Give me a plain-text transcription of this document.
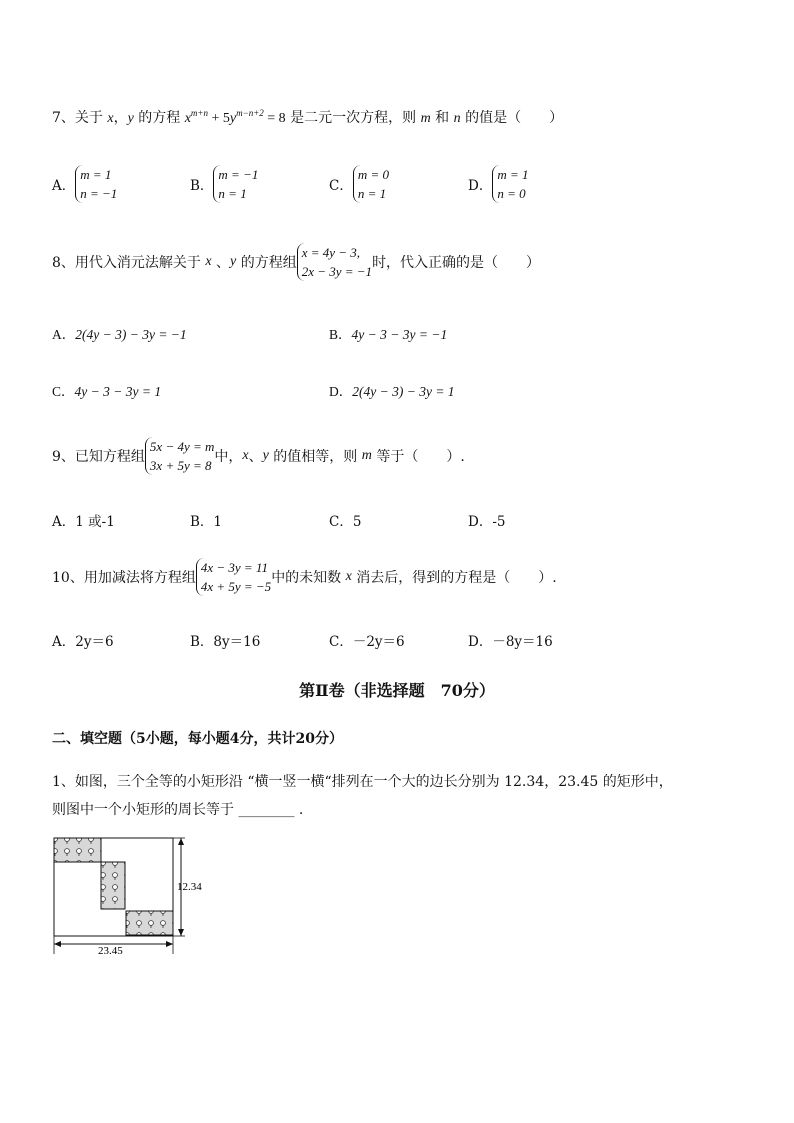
7、关于 x，y 的方程 $x^{m+n} + 5y^{m-n+2} = 8$ 是二元一次方程，则 m 和 n 的值是（　　）
A．
m = 1
n = −1	B．
m = −1
n = 1	C．
m = 0
n = 1	D．
m = 1
n = 0
8、用代入消元法解关于 x 、y 的方程组
x = 4y − 3,
2x − 3y = −1
时，代入正确的是（　　）
A．2(4y − 3) − 3y = −1	B．4y − 3 − 3y = −1
C．4y − 3 − 3y = 1	D．2(4y − 3) − 3y = 1
9、已知方程组
5x − 4y = m
3x + 5y = 8
中，x、y 的值相等，则 m 等于（　　）.
A．1 或-1	B．1	C．5	D．-5
10、用加减法将方程组
4x − 3y = 11
4x + 5y = −5
中的未知数 x 消去后，得到的方程是（　　）.
A．2y＝6	B．8y＝16	C．－2y＝6	D．－8y＝16
第Ⅱ卷（非选择题　70分）
二、填空题（5小题，每小题4分，共计20分）
1、如图，三个全等的小矩形沿 “横一竖一横“排列在一个大的边长分别为 12.34，23.45 的矩形中，
则图中一个小矩形的周长等于 ________ .
12.34
23.45
